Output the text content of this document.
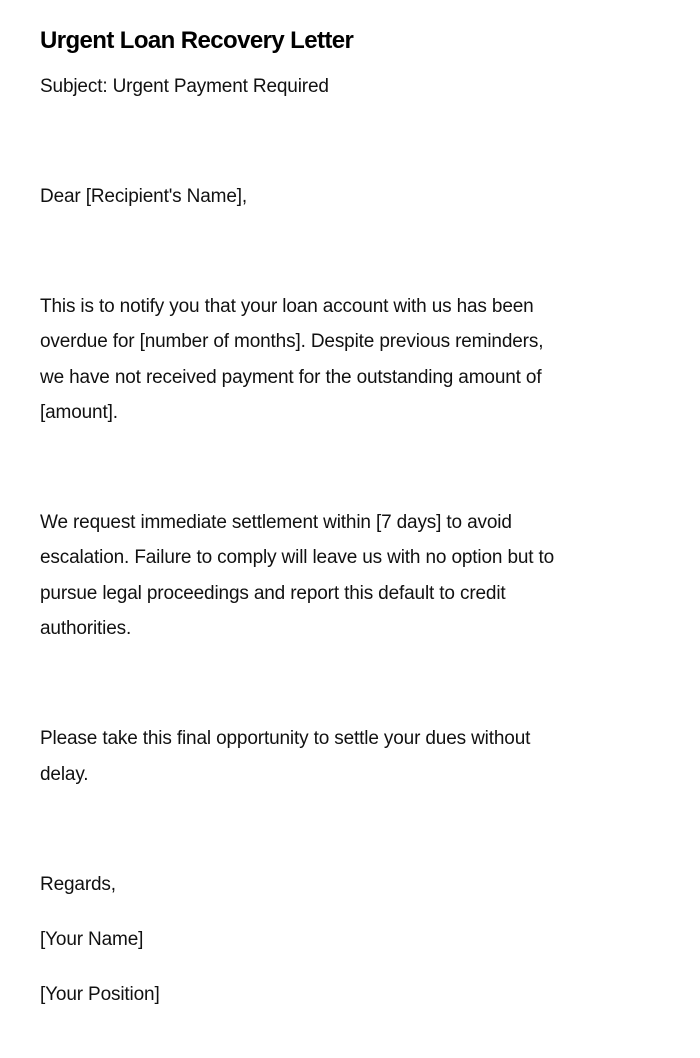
Urgent Loan Recovery Letter

Subject: Urgent Payment Required

Dear [Recipient's Name],

This is to notify you that your loan account with us has been

overdue for [number of months]. Despite previous reminders,

we have not received payment for the outstanding amount of

[amount].

We request immediate settlement within [7 days] to avoid

escalation. Failure to comply will leave us with no option but to

pursue legal proceedings and report this default to credit

authorities.

Please take this final opportunity to settle your dues without

delay.

Regards,

[Your Name]

[Your Position]
